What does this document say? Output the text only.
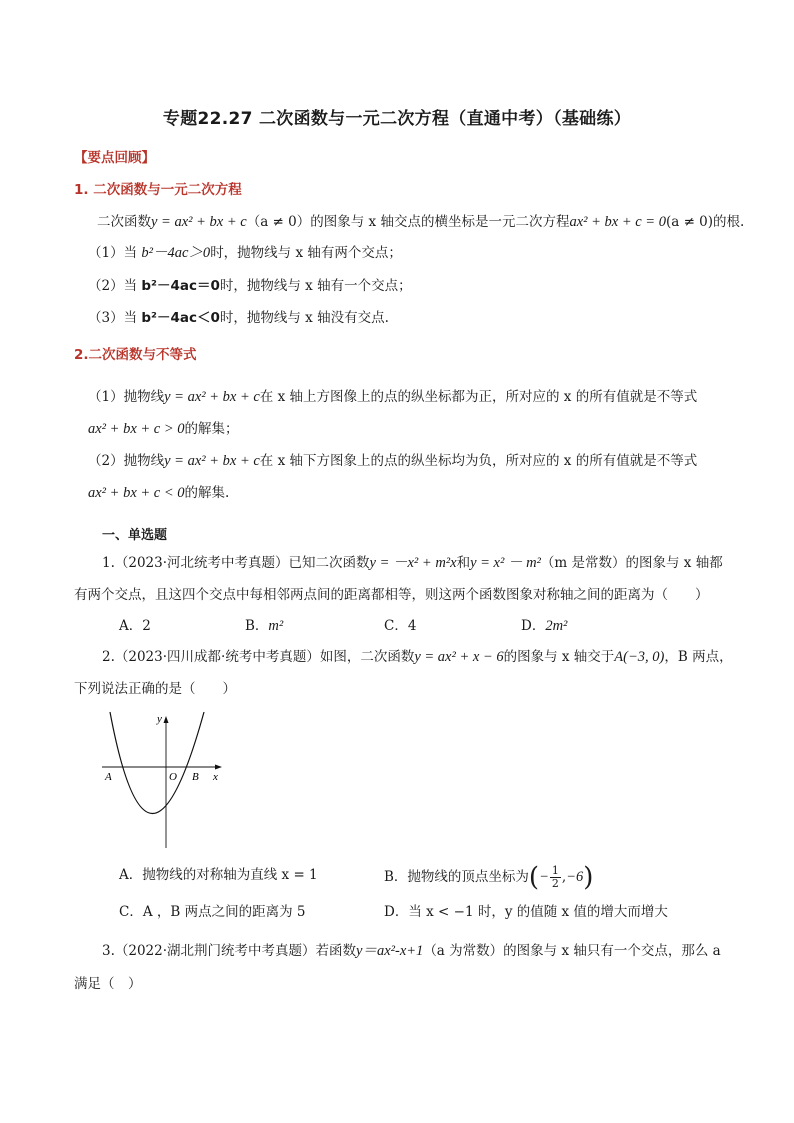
专题22.27 二次函数与一元二次方程（直通中考）（基础练）
【要点回顾】
1. 二次函数与一元二次方程
二次函数y = ax² + bx + c（a ≠ 0）的图象与 x 轴交点的横坐标是一元二次方程ax² + bx + c = 0(a ≠ 0)的根.
（1）当 b²－4ac＞0时，抛物线与 x 轴有两个交点；
（2）当 b²－4ac＝0时，抛物线与 x 轴有一个交点；
（3）当 b²－4ac＜0时，抛物线与 x 轴没有交点.
2.二次函数与不等式
（1）抛物线y = ax² + bx + c在 x 轴上方图像上的点的纵坐标都为正，所对应的 x 的所有值就是不等式
ax² + bx + c > 0的解集；
（2）抛物线y = ax² + bx + c在 x 轴下方图象上的点的纵坐标均为负，所对应的 x 的所有值就是不等式
ax² + bx + c < 0的解集.
一、单选题
1.（2023·河北统考中考真题）已知二次函数y = －x² + m²x和y = x² － m²（m 是常数）的图象与 x 轴都
有两个交点，且这四个交点中每相邻两点间的距离都相等，则这两个函数图象对称轴之间的距离为（　　）
A．2	B．m²	C．4	D．2m²
2.（2023·四川成都·统考中考真题）如图，二次函数y = ax² + x − 6的图象与 x 轴交于A(−3, 0)，B 两点，
下列说法正确的是（　　）
y
x
A	O B
A．抛物线的对称轴为直线 x = 1	B．抛物线的顶点坐标为(− $\frac{1}{2} ,-6$)
C．A ，B 两点之间的距离为 5	D．当 x < −1 时，y 的值随 x 值的增大而增大
3.（2022·湖北荆门统考中考真题）若函数y＝ax²-x+1（a 为常数）的图象与 x 轴只有一个交点，那么 a
满足（　）
